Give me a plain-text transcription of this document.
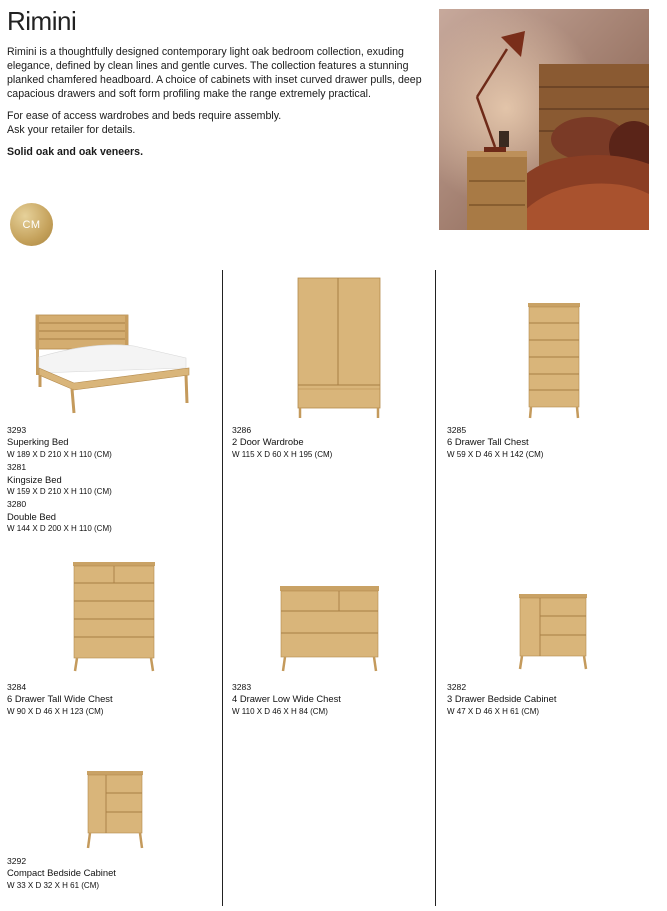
Rimini

Rimini is a thoughtfully designed contemporary light oak bedroom collection, exuding elegance, defined by clean lines and gentle curves. The collection features a stunning planked chamfered headboard. A choice of cabinets with inset curved drawer pulls, deep capacious drawers and soft form profiling make the range extremely practical.

For ease of access wardrobes and beds require assembly.
Ask your retailer for details.

Solid oak and oak veneers.

CM
3293
Superking Bed
W 189 X D 210 X H 110 (CM)
3281
Kingsize Bed
W 159 X D 210 X H 110 (CM)
3280
Double Bed
W 144 X D 200 X H 110 (CM)
3286
2 Door Wardrobe
W 115 X D 60 X H 195 (CM)
3285
6 Drawer Tall Chest
W 59 X D 46 X H 142 (CM)
3284
6 Drawer Tall Wide Chest
W 90 X D 46 X H 123 (CM)
3283
4 Drawer Low Wide Chest
W 110 X D 46 X H 84 (CM)
3282
3 Drawer Bedside Cabinet
W 47 X D 46 X H 61 (CM)
3292
Compact Bedside Cabinet
W 33 X D 32 X H 61 (CM)
